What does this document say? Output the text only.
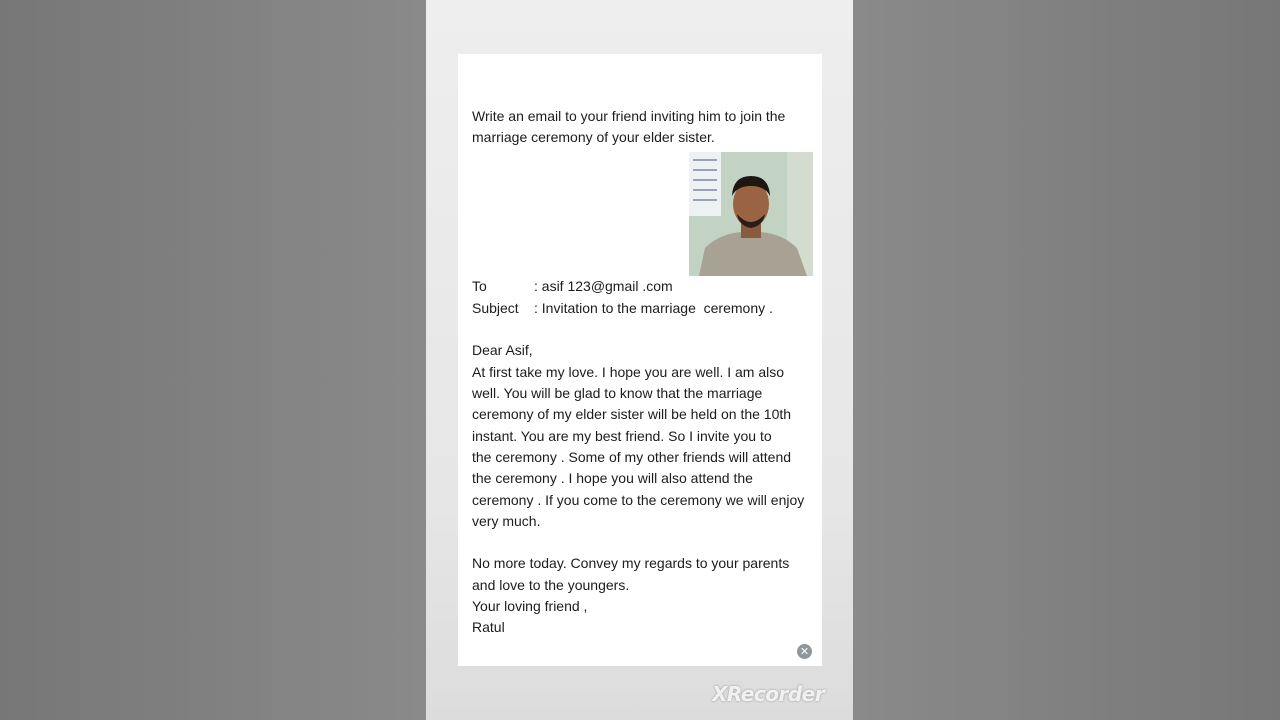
Write an email to your friend inviting him to join the
marriage ceremony of your elder sister.
To	: asif 123@gmail .com
Subject : Invitation to the marriage  ceremony .
Dear Asif,
At first take my love. I hope you are well. I am also
well. You will be glad to know that the marriage
ceremony of my elder sister will be held on the 10th
instant. You are my best friend. So I invite you to
the ceremony . Some of my other friends will attend
the ceremony . I hope you will also attend the
ceremony . If you come to the ceremony we will enjoy
very much.
No more today. Convey my regards to your parents
and love to the youngers.
Your loving friend ,
Ratul
✕
XRecorder
